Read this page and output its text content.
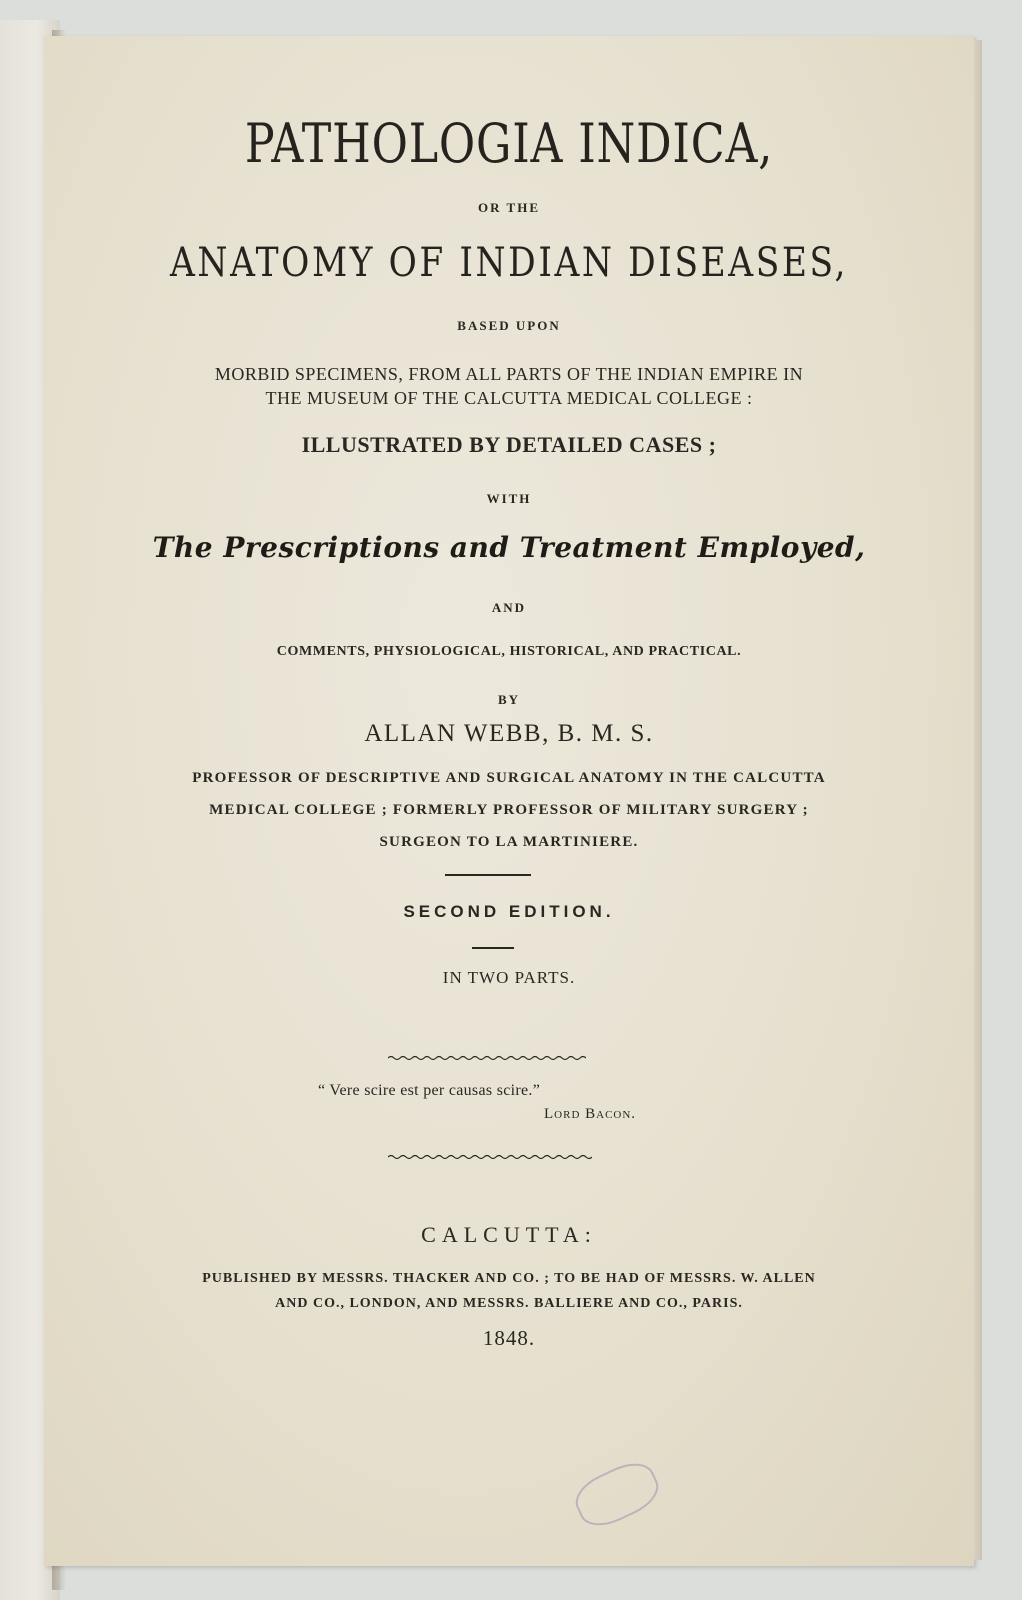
PATHOLOGIA INDICA,
OR THE
ANATOMY OF INDIAN DISEASES,
BASED UPON
MORBID SPECIMENS, FROM ALL PARTS OF THE INDIAN EMPIRE IN
THE MUSEUM OF THE CALCUTTA MEDICAL COLLEGE :
ILLUSTRATED BY DETAILED CASES ;
WITH
The Prescriptions and Treatment Employed,
AND
COMMENTS, PHYSIOLOGICAL, HISTORICAL, AND PRACTICAL.
BY
ALLAN WEBB, B. M. S.
PROFESSOR OF DESCRIPTIVE AND SURGICAL ANATOMY IN THE CALCUTTA
MEDICAL COLLEGE ; FORMERLY PROFESSOR OF MILITARY SURGERY ;
SURGEON TO LA MARTINIERE.
SECOND EDITION.
IN TWO PARTS.
“ Vere scire est per causas scire.”
Lord Bacon.
CALCUTTA:
PUBLISHED BY MESSRS. THACKER AND CO. ; TO BE HAD OF MESSRS. W. ALLEN
AND CO., LONDON, AND MESSRS. BALLIERE AND CO., PARIS.
1848.
